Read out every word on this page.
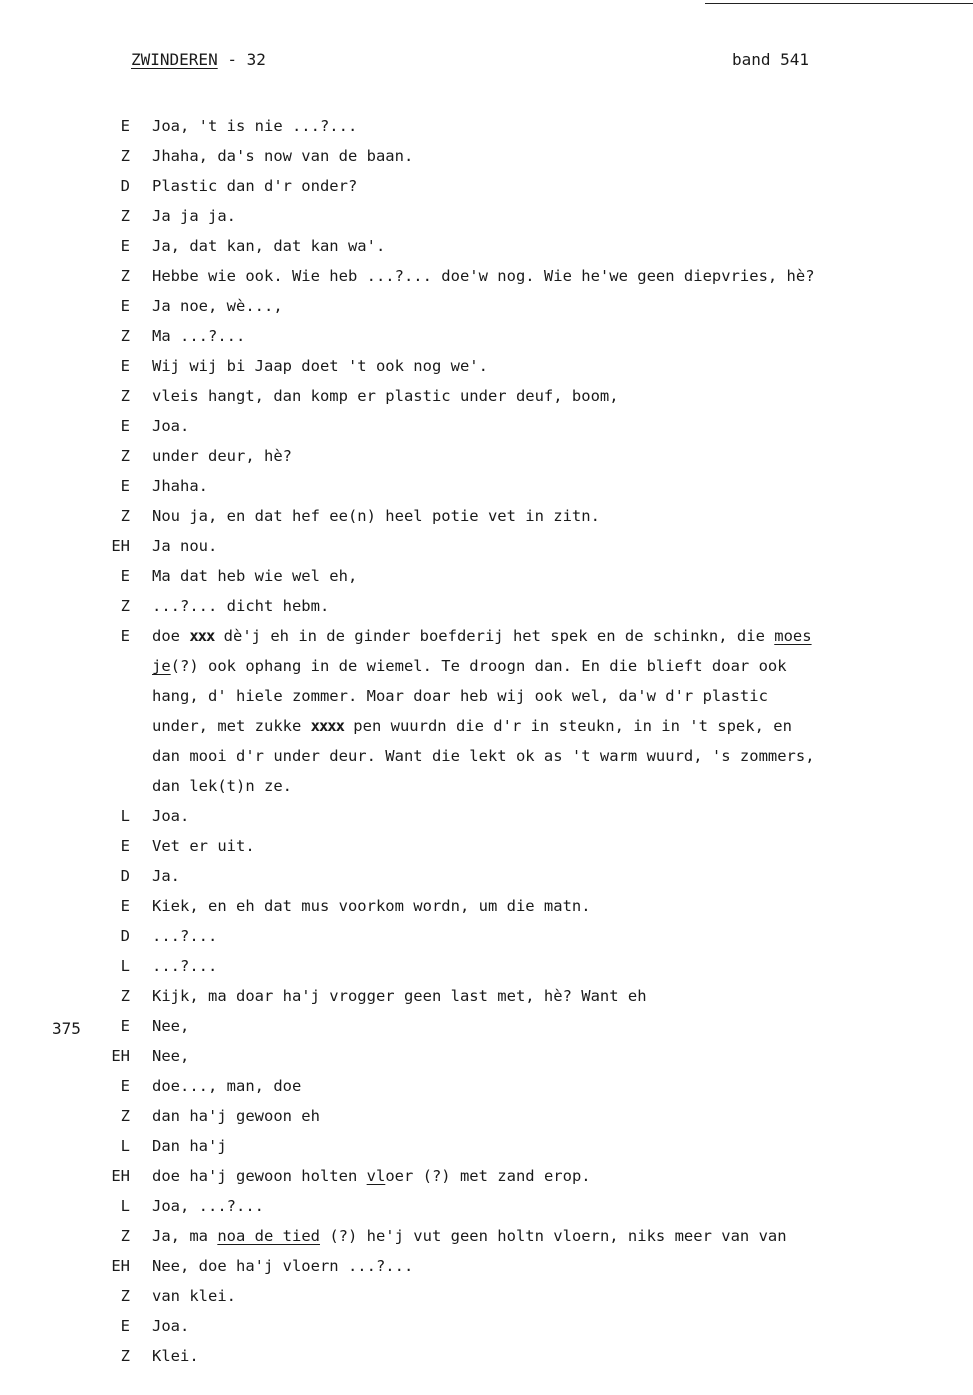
ZWINDEREN - 32	band 541
375
E	Joa, 't is nie ...?...
Z	Jhaha, da's now van de baan.
D	Plastic dan d'r onder?
Z	Ja ja ja.
E	Ja, dat kan, dat kan wa'.
Z	Hebbe wie ook. Wie heb ...?... doe'w nog. Wie he'we geen diepvries, hè?
E	Ja noe, wè...,
Z	Ma ...?...
E	Wij wij bi Jaap doet 't ook nog we'.
Z	vleis hangt, dan komp er plastic under deuf, boom,
E	Joa.
Z	under deur, hè?
E	Jhaha.
Z	Nou ja, en dat hef ee(n) heel potie vet in zitn.
EH	Ja nou.
E	Ma dat heb wie wel eh,
Z	...?... dicht hebm.
E	doe xxx dè'j eh in de ginder boefderij het spek en de schinkn, die moes
je(?) ook ophang in de wiemel. Te droogn dan. En die blieft doar ook
hang, d' hiele zommer. Moar doar heb wij ook wel, da'w d'r plastic
under, met zukke xxxx pen wuurdn die d'r in steukn, in in 't spek, en
dan mooi d'r under deur. Want die lekt ok as 't warm wuurd, 's zommers,
dan lek(t)n ze.
L	Joa.
E	Vet er uit.
D	Ja.
E	Kiek, en eh dat mus voorkom wordn, um die matn.
D	...?...
L	...?...
Z	Kijk, ma doar ha'j vrogger geen last met, hè? Want eh
E	Nee,
EH	Nee,
E	doe..., man, doe
Z	dan ha'j gewoon eh
L	Dan ha'j
EH	doe ha'j gewoon holten vloer (?) met zand erop.
L	Joa, ...?...
Z	Ja, ma noa de tied (?) he'j vut geen holtn vloern, niks meer van van
EH	Nee, doe ha'j vloern ...?...
Z	van klei.
E	Joa.
Z	Klei.
